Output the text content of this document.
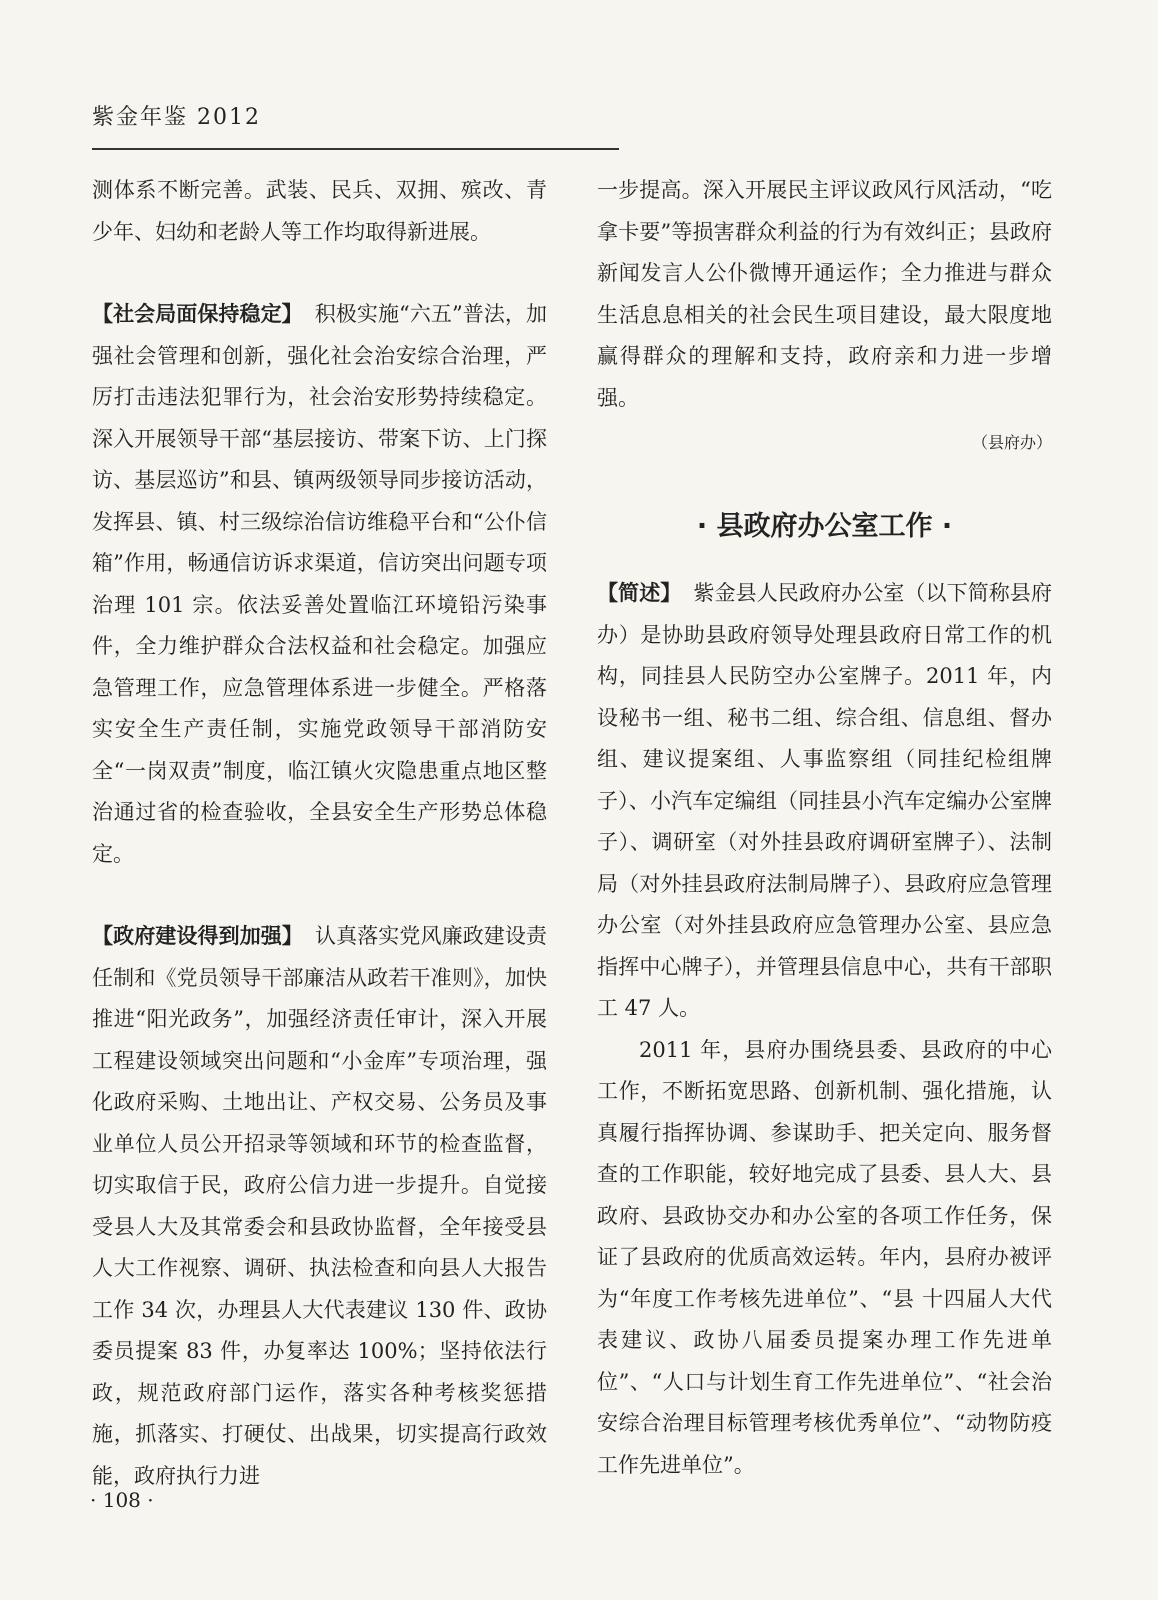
紫金年鉴 2012

测体系不断完善。武装、民兵、双拥、殡改、青少年、妇幼和老龄人等工作均取得新进展。

【社会局面保持稳定】 积极实施“六五”普法，加强社会管理和创新，强化社会治安综合治理，严厉打击违法犯罪行为，社会治安形势持续稳定。深入开展领导干部“基层接访、带案下访、上门探访、基层巡访”和县、镇两级领导同步接访活动，发挥县、镇、村三级综治信访维稳平台和“公仆信箱”作用，畅通信访诉求渠道，信访突出问题专项治理 101 宗。依法妥善处置临江环境铅污染事件，全力维护群众合法权益和社会稳定。加强应急管理工作，应急管理体系进一步健全。严格落实安全生产责任制，实施党政领导干部消防安全“一岗双责”制度，临江镇火灾隐患重点地区整治通过省的检查验收，全县安全生产形势总体稳定。

【政府建设得到加强】 认真落实党风廉政建设责任制和《党员领导干部廉洁从政若干准则》，加快推进“阳光政务”，加强经济责任审计，深入开展工程建设领域突出问题和“小金库”专项治理，强化政府采购、土地出让、产权交易、公务员及事业单位人员公开招录等领域和环节的检查监督，切实取信于民，政府公信力进一步提升。自觉接受县人大及其常委会和县政协监督，全年接受县人大工作视察、调研、执法检查和向县人大报告工作 34 次，办理县人大代表建议 130 件、政协委员提案 83 件，办复率达 100%；坚持依法行政，规范政府部门运作，落实各种考核奖惩措施，抓落实、打硬仗、出战果，切实提高行政效能，政府执行力进

一步提高。深入开展民主评议政风行风活动，“吃拿卡要”等损害群众利益的行为有效纠正；县政府新闻发言人公仆微博开通运作；全力推进与群众生活息息相关的社会民生项目建设，最大限度地赢得群众的理解和支持，政府亲和力进一步增强。

（县府办）
· 县政府办公室工作 ·

【简述】 紫金县人民政府办公室（以下简称县府办）是协助县政府领导处理县政府日常工作的机构，同挂县人民防空办公室牌子。2011 年，内设秘书一组、秘书二组、综合组、信息组、督办组、建议提案组、人事监察组（同挂纪检组牌子）、小汽车定编组（同挂县小汽车定编办公室牌子）、调研室（对外挂县政府调研室牌子）、法制局（对外挂县政府法制局牌子）、县政府应急管理办公室（对外挂县政府应急管理办公室、县应急指挥中心牌子），并管理县信息中心，共有干部职工 47 人。

2011 年，县府办围绕县委、县政府的中心工作，不断拓宽思路、创新机制、强化措施，认真履行指挥协调、参谋助手、把关定向、服务督查的工作职能，较好地完成了县委、县人大、县政府、县政协交办和办公室的各项工作任务，保证了县政府的优质高效运转。年内，县府办被评为“年度工作考核先进单位”、“县 十四届人大代表建议、政协八届委员提案办理工作先进单位”、“人口与计划生育工作先进单位”、“社会治安综合治理目标管理考核优秀单位”、“动物防疫工作先进单位”。

· 108 ·
